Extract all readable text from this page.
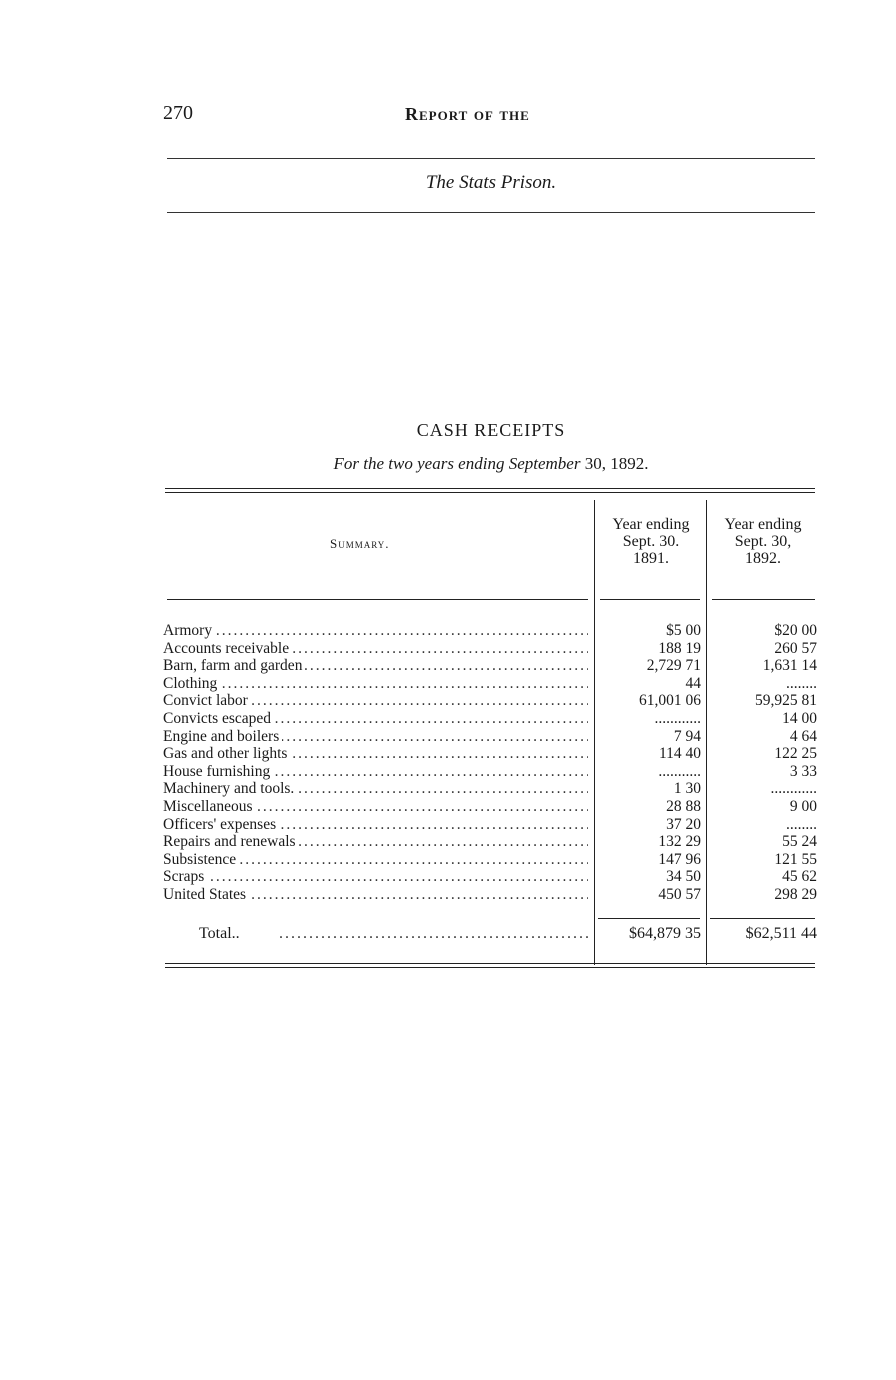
270	Report of the
The Stats Prison.
CASH RECEIPTS
For the two years ending September 30, 1892.
Summary.
Year ending
Sept. 30.
1891.
Year ending
Sept. 30,
1892.
Armory .....	$5 00	$20 00
Accounts receivable .....	188 19	260 57
Barn, farm and garden .....	2,729 71	1,631 14
Clothing .....	44	........
Convict labor .....	61,001 06	59,925 81
Convicts escaped .....	............	14 00
Engine and boilers .....	7 94	4 64
Gas and other lights .....	114 40	122 25
House furnishing .....	...........	3 33
Machinery and tools. .....	1 30	............
Miscellaneous .....	28 88	9 00
Officers' expenses .....	37 20	........
Repairs and renewals .....	132 29	55 24
Subsistence .....	147 96	121 55
Scraps .....	34 50	45 62
United States .....	450 57	298 29
Total.. .....	$64,879 35	$62,511 44
